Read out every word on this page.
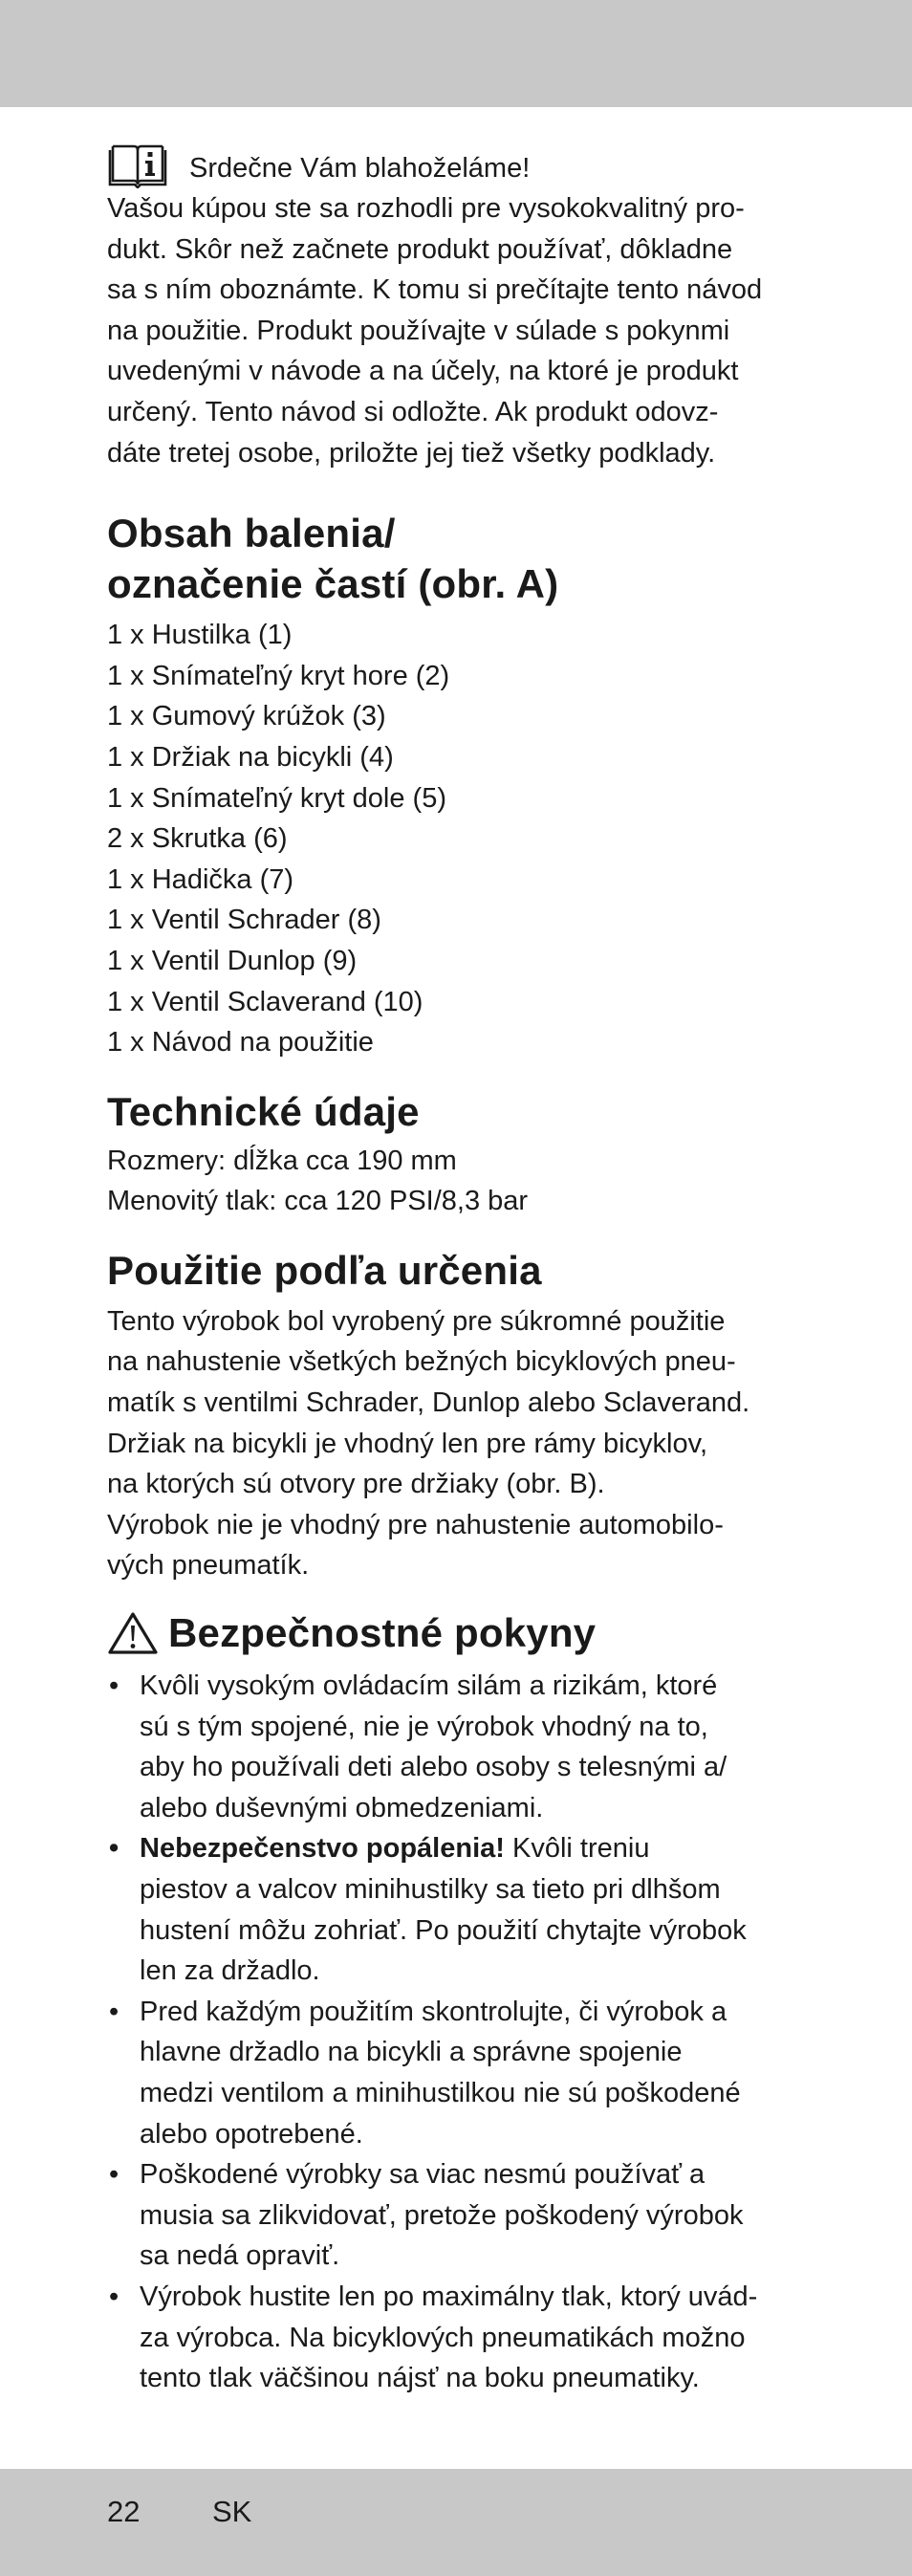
Srdečne Vám blahoželáme!

Vašou kúpou ste sa rozhodli pre vysokokvalitný pro-

dukt. Skôr než začnete produkt používať, dôkladne

sa s ním oboznámte. K tomu si prečítajte tento návod

na použitie. Produkt používajte v súlade s pokynmi

uvedenými v návode a na účely, na ktoré je produkt

určený. Tento návod si odložte. Ak produkt odovz-

dáte tretej osobe, priložte jej tiež všetky podklady.

Obsah balenia/
označenie častí (obr. A)

1 x Hustilka (1)

1 x Snímateľný kryt hore (2)

1 x Gumový krúžok (3)

1 x Držiak na bicykli (4)

1 x Snímateľný kryt dole (5)

2 x Skrutka (6)

1 x Hadička (7)

1 x Ventil Schrader (8)

1 x Ventil Dunlop (9)

1 x Ventil Sclaverand (10)

1 x Návod na použitie

Technické údaje

Rozmery: dĺžka cca 190 mm

Menovitý tlak: cca 120 PSI/8,3 bar

Použitie podľa určenia

Tento výrobok bol vyrobený pre súkromné použitie

na nahustenie všetkých bežných bicyklových pneu-

matík s ventilmi Schrader, Dunlop alebo Sclaverand.

Držiak na bicykli je vhodný len pre rámy bicyklov,

na ktorých sú otvory pre držiaky (obr. B).

Výrobok nie je vhodný pre nahustenie automobilo-

vých pneumatík.

Bezpečnostné pokyny
• Kvôli vysokým ovládacím silám a rizikám, ktoré
sú s tým spojené, nie je výrobok vhodný na to,
aby ho používali deti alebo osoby s telesnými a/
alebo duševnými obmedzeniami.
• Nebezpečenstvo popálenia! Kvôli treniu
piestov a valcov minihustilky sa tieto pri dlhšom
hustení môžu zohriať. Po použití chytajte výrobok
len za držadlo.
• Pred každým použitím skontrolujte, či výrobok a
hlavne držadlo na bicykli a správne spojenie
medzi ventilom a minihustilkou nie sú poškodené
alebo opotrebené.
• Poškodené výrobky sa viac nesmú používať a
musia sa zlikvidovať, pretože poškodený výrobok
sa nedá opraviť.
• Výrobok hustite len po maximálny tlak, ktorý uvád-
za výrobca. Na bicyklových pneumatikách možno
tento tlak väčšinou nájsť na boku pneumatiky.
22 SK
